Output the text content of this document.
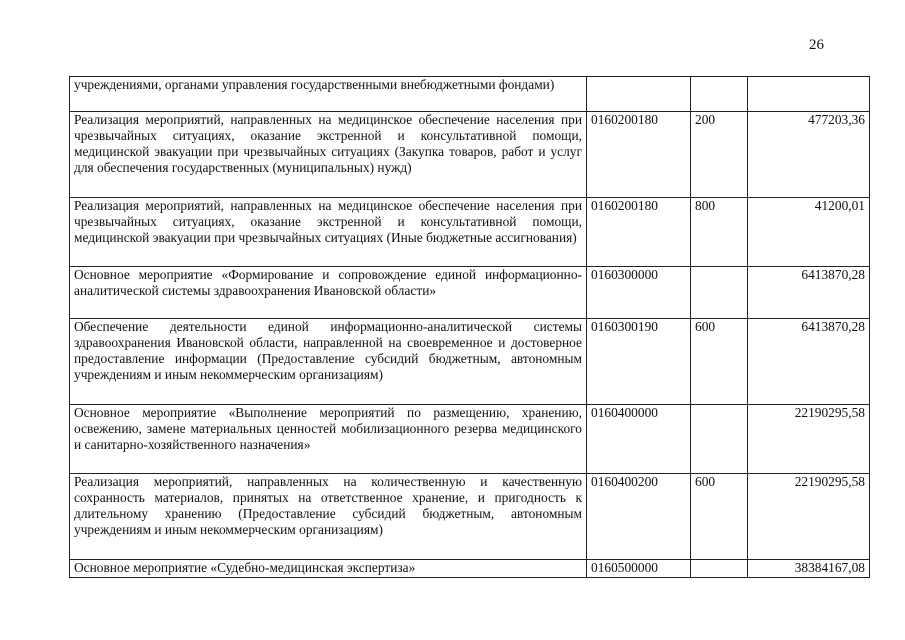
26
учреждениями, органами управления государственными внебюджетными фондами)			
Реализация мероприятий, направленных на медицинское обеспечение населения при чрезвычайных ситуациях, оказание экстренной и консультативной помощи, медицинской эвакуации при чрезвычайных ситуациях (Закупка товаров, работ и услуг для обеспечения государственных (муниципальных) нужд)	0160200180	200	477203,36
Реализация мероприятий, направленных на медицинское обеспечение населения при чрезвычайных ситуациях, оказание экстренной и консультативной помощи, медицинской эвакуации при чрезвычайных ситуациях (Иные бюджетные ассигнования)	0160200180	800	41200,01
Основное мероприятие «Формирование и сопровождение единой информационно-аналитической системы здравоохранения Ивановской области»	0160300000		6413870,28
Обеспечение деятельности единой информационно-аналитической системы здравоохранения Ивановской области, направленной на своевременное и достоверное предоставление информации (Предоставление субсидий бюджетным, автономным учреждениям и иным некоммерческим организациям)	0160300190	600	6413870,28
Основное мероприятие «Выполнение мероприятий по размещению, хранению, освежению, замене материальных ценностей мобилизационного резерва медицинского и санитарно-хозяйственного назначения»	0160400000		22190295,58
Реализация мероприятий, направленных на количественную и качественную сохранность материалов, принятых на ответственное хранение, и пригодность к длительному хранению (Предоставление субсидий бюджетным, автономным учреждениям и иным некоммерческим организациям)	0160400200	600	22190295,58
Основное мероприятие «Судебно-медицинская экспертиза»	0160500000		38384167,08
